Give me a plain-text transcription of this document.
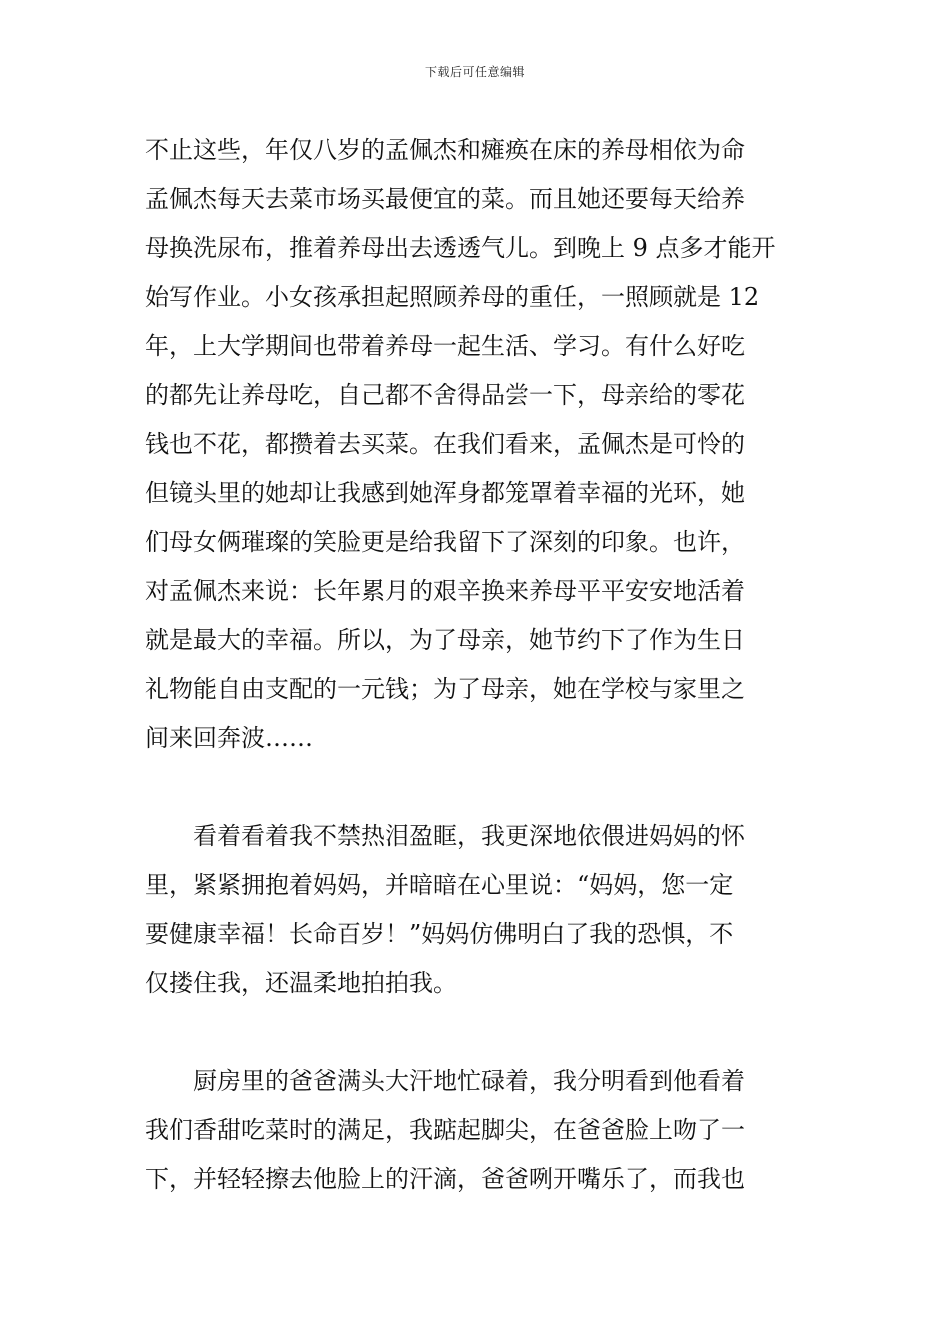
下载后可任意编辑
不止这些，年仅八岁的孟佩杰和瘫痪在床的养母相依为命
孟佩杰每天去菜市场买最便宜的菜。而且她还要每天给养
母换洗尿布，推着养母出去透透气儿。到晚上 9 点多才能开
始写作业。小女孩承担起照顾养母的重任，一照顾就是 12
年，上大学期间也带着养母一起生活、学习。有什么好吃
的都先让养母吃，自己都不舍得品尝一下，母亲给的零花
钱也不花，都攒着去买菜。在我们看来，孟佩杰是可怜的
但镜头里的她却让我感到她浑身都笼罩着幸福的光环，她
们母女俩璀璨的笑脸更是给我留下了深刻的印象。也许，
对孟佩杰来说：长年累月的艰辛换来养母平平安安地活着
就是最大的幸福。所以，为了母亲，她节约下了作为生日
礼物能自由支配的一元钱；为了母亲，她在学校与家里之
间来回奔波……
　　看着看着我不禁热泪盈眶，我更深地依偎进妈妈的怀
里，紧紧拥抱着妈妈，并暗暗在心里说：“妈妈，您一定
要健康幸福！长命百岁！”妈妈仿佛明白了我的恐惧，不
仅搂住我，还温柔地拍拍我。
　　厨房里的爸爸满头大汗地忙碌着，我分明看到他看着
我们香甜吃菜时的满足，我踮起脚尖，在爸爸脸上吻了一
下，并轻轻擦去他脸上的汗滴，爸爸咧开嘴乐了，而我也
